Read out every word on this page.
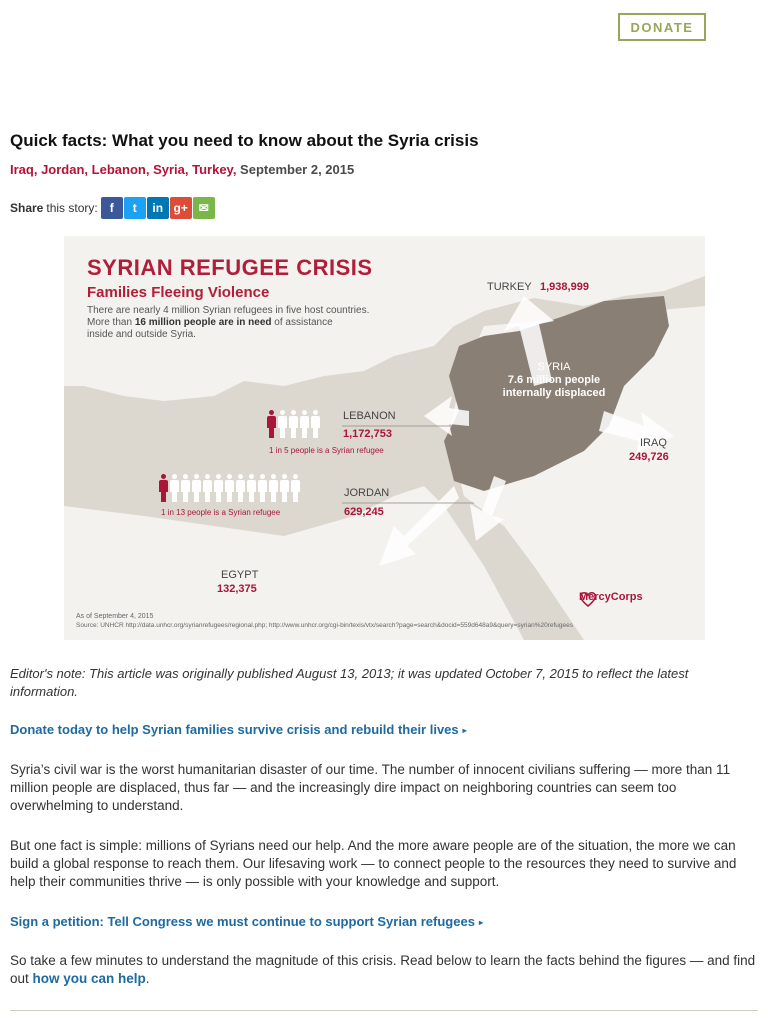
DONATE
Quick facts: What you need to know about the Syria crisis
Iraq, Jordan, Lebanon, Syria, Turkey, September 2, 2015
Share this story:	f	t	in g+ ✉
SYRIAN REFUGEE CRISIS
Families Fleeing Violence
There are nearly 4 million Syrian refugees in five host countries.
More than 16 million people are in need of assistance
inside and outside Syria.
TURKEY 1,938,999
SYRIA
7.6 million people
internally displaced
IRAQ
249,726
LEBANON
1,172,753
1 in 5 people is a Syrian refugee
JORDAN
629,245
1 in 13 people is a Syrian refugee
EGYPT
132,375
As of September 4, 2015
Source: UNHCR http://data.unhcr.org/syrianrefugees/regional.php; http://www.unhcr.org/cgi-bin/texis/vtx/search?page=search&docid=559d648a9&query=syrian%20refugees
MercyCorps

Editor's note: This article was originally published August 13, 2013; it was updated October 7, 2015 to reflect the latest information.

Donate today to help Syrian families survive crisis and rebuild their lives ▸

Syria’s civil war is the worst humanitarian disaster of our time. The number of innocent civilians suffering — more than 11 million people are displaced, thus far — and the increasingly dire impact on neighboring countries can seem too overwhelming to understand.

But one fact is simple: millions of Syrians need our help. And the more aware people are of the situation, the more we can build a global response to reach them. Our lifesaving work — to connect people to the resources they need to survive and help their communities thrive — is only possible with your knowledge and support.

Sign a petition: Tell Congress we must continue to support Syrian refugees ▸

So take a few minutes to understand the magnitude of this crisis. Read below to learn the facts behind the figures — and find out how you can help.
